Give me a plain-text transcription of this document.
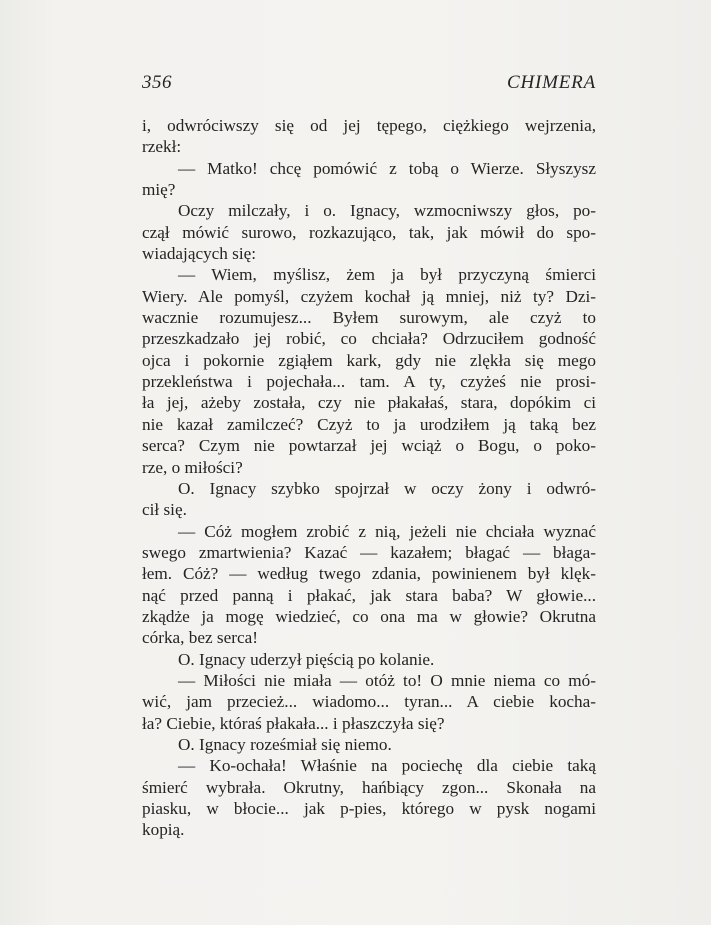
356	CHIMERA
i, odwróciwszy się od jej tępego, ciężkiego wejrzenia,
rzekł:
— Matko! chcę pomówić z tobą o Wierze. Słyszysz
mię?
Oczy milczały, i o. Ignacy, wzmocniwszy głos, po-
czął mówić surowo, rozkazująco, tak, jak mówił do spo-
wiadających się:
— Wiem, myślisz, żem ja był przyczyną śmierci
Wiery. Ale pomyśl, czyżem kochał ją mniej, niż ty? Dzi-
wacznie rozumujesz... Byłem surowym, ale czyż to
przeszkadzało jej robić, co chciała? Odrzuciłem godność
ojca i pokornie zgiąłem kark, gdy nie zlękła się mego
przekleństwa i pojechała... tam. A ty, czyżeś nie prosi-
ła jej, ażeby została, czy nie płakałaś, stara, dopókim ci
nie kazał zamilczeć? Czyż to ja urodziłem ją taką bez
serca? Czym nie powtarzał jej wciąż o Bogu, o poko-
rze, o miłości?
O. Ignacy szybko spojrzał w oczy żony i odwró-
cił się.
— Cóż mogłem zrobić z nią, jeżeli nie chciała wyznać
swego zmartwienia? Kazać — kazałem; błagać — błaga-
łem. Cóż? — według twego zdania, powinienem był klęk-
nąć przed panną i płakać, jak stara baba? W głowie...
zkądże ja mogę wiedzieć, co ona ma w głowie? Okrutna
córka, bez serca!
O. Ignacy uderzył pięścią po kolanie.
— Miłości nie miała — otóż to! O mnie niema co mó-
wić, jam przecież... wiadomo... tyran... A ciebie kocha-
ła? Ciebie, któraś płakała... i płaszczyła się?
O. Ignacy roześmiał się niemo.
— Ko-ochała! Właśnie na pociechę dla ciebie taką
śmierć wybrała. Okrutny, hańbiący zgon... Skonała na
piasku, w błocie... jak p-pies, którego w pysk nogami
kopią.
